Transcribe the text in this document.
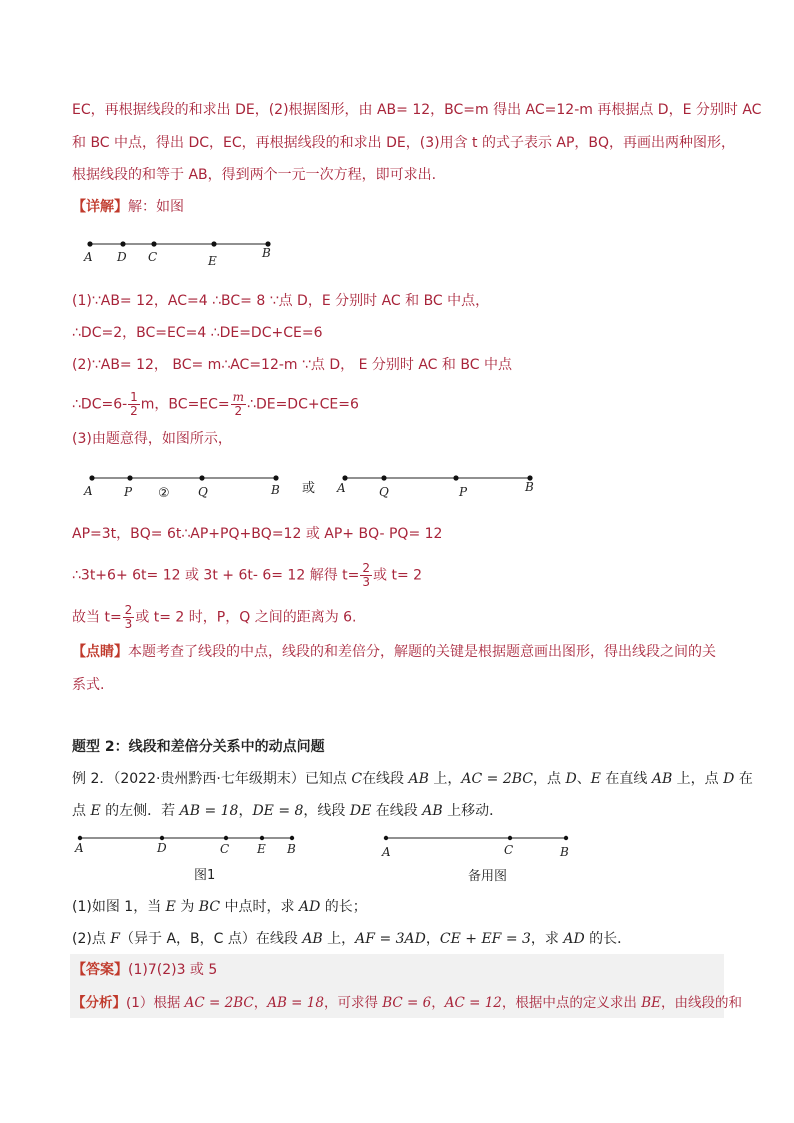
EC，再根据线段的和求出 DE，(2)根据图形，由 AB= 12，BC=m 得出 AC=12-m 再根据点 D，E 分别时 AC
和 BC 中点，得出 DC，EC，再根据线段的和求出 DE，(3)用含 t 的式子表示 AP，BQ，再画出两种图形，
根据线段的和等于 AB，得到两个一元一次方程，即可求出.
【详解】解：如图
A D C	E
B
(1)∵AB= 12，AC=4 ∴BC= 8 ∵点 D，E 分别时 AC 和 BC 中点，
∴DC=2，BC=EC=4 ∴DE=DC+CE=6
(2)∵AB= 12， BC= m∴AC=12-m ∵点 D， E 分别时 AC 和 BC 中点
∴DC=6- $\frac{1}{2}$ m，$BC=EC= \frac{m}{2}$ ∴DE=DC+CE=6
(3)由题意得，如图所示，
A	P ② Q	B 或 A	Q	P	B
AP=3t，BQ= 6t∴AP+PQ+BQ=12 或 AP+ BQ- PQ= 12
∴3t+6+ 6t= 12 或 3t + 6t- 6= 12 解得 $t= \frac{2}{3}$ 或 t= 2
故当 $t= \frac{2}{3}$ 或 t= 2 时，P，Q 之间的距离为 6.
【点睛】本题考查了线段的中点，线段的和差倍分，解题的关键是根据题意画出图形，得出线段之间的关
系式.
题型 2：线段和差倍分关系中的动点问题
例 2．（2022·贵州黔西·七年级期末）已知点 C在线段 AB 上，AC = 2BC，点 D、E 在直线 AB 上，点 D 在
点 E 的左侧．若 AB = 18，DE = 8，线段 DE 在线段 AB 上移动．
A	D	C E B
图1
A	C	B
备用图
(1)如图 1，当 E 为 BC 中点时，求 AD 的长；
(2)点 F（异于 A，B，C 点）在线段 AB 上，AF = 3AD，CE + EF = 3，求 AD 的长．
【答案】(1)7(2)3 或 5
【分析】(1）根据 AC = 2BC，AB = 18，可求得 BC = 6，AC = 12，根据中点的定义求出 BE，由线段的和
